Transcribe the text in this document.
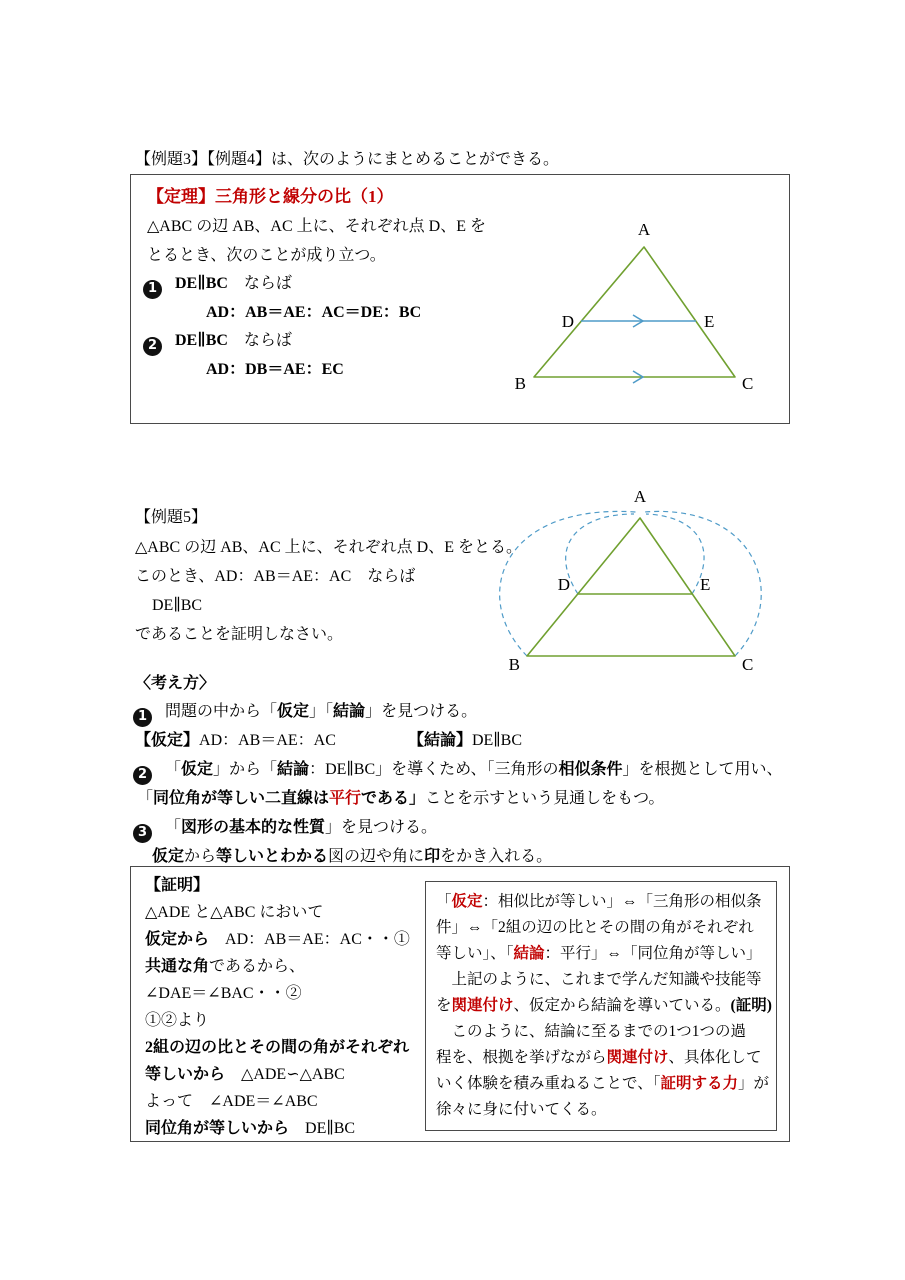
【例題3】【例題4】は、次のようにまとめることができる。
【定理】三角形と線分の比（1）
△ABC の辺 AB、AC 上に、それぞれ点 D、E を
とるとき、次のことが成り立つ。
1 DE∥BC　ならば
AD：AB＝AE：AC＝DE：BC
2 DE∥BC　ならば
AD：DB＝AE：EC
A
B	C
D	E
【例題5】
△ABC の辺 AB、AC 上に、それぞれ点 D、E をとる。
このとき、AD：AB＝AE：AC　ならば
DE∥BC
であることを証明しなさい。
A
B	C
D	E
〈考え方〉
1 問題の中から「仮定」「結論」を見つける。
【仮定】AD：AB＝AE：AC　　　　　	【結論】DE∥BC
2 「仮定」から「結論：DE∥BC」を導くため、「三角形の相似条件」を根拠として用い、
「同位角が等しい二直線は平行である」ことを示すという見通しをもつ。
3 「図形の基本的な性質」を見つける。
仮定から等しいとわかる図の辺や角に印をかき入れる。
【証明】
△ADE と△ABC において
仮定から　AD：AB＝AE：AC・・①
共通な角であるから、
∠DAE＝∠BAC・・②
①②より
2組の辺の比とその間の角がそれぞれ
等しいから　△ADE∽△ABC
よって　∠ADE＝∠ABC
同位角が等しいから　DE∥BC
「仮定：相似比が等しい」⇔「三角形の相似条
件」⇔「2組の辺の比とその間の角がそれぞれ
等しい」、「結論：平行」⇔「同位角が等しい」
　上記のように、これまで学んだ知識や技能等
を関連付け、仮定から結論を導いている。(証明)
　このように、結論に至るまでの1つ1つの過
程を、根拠を挙げながら関連付け、具体化して
いく体験を積み重ねることで、「証明する力」が
徐々に身に付いてくる。
